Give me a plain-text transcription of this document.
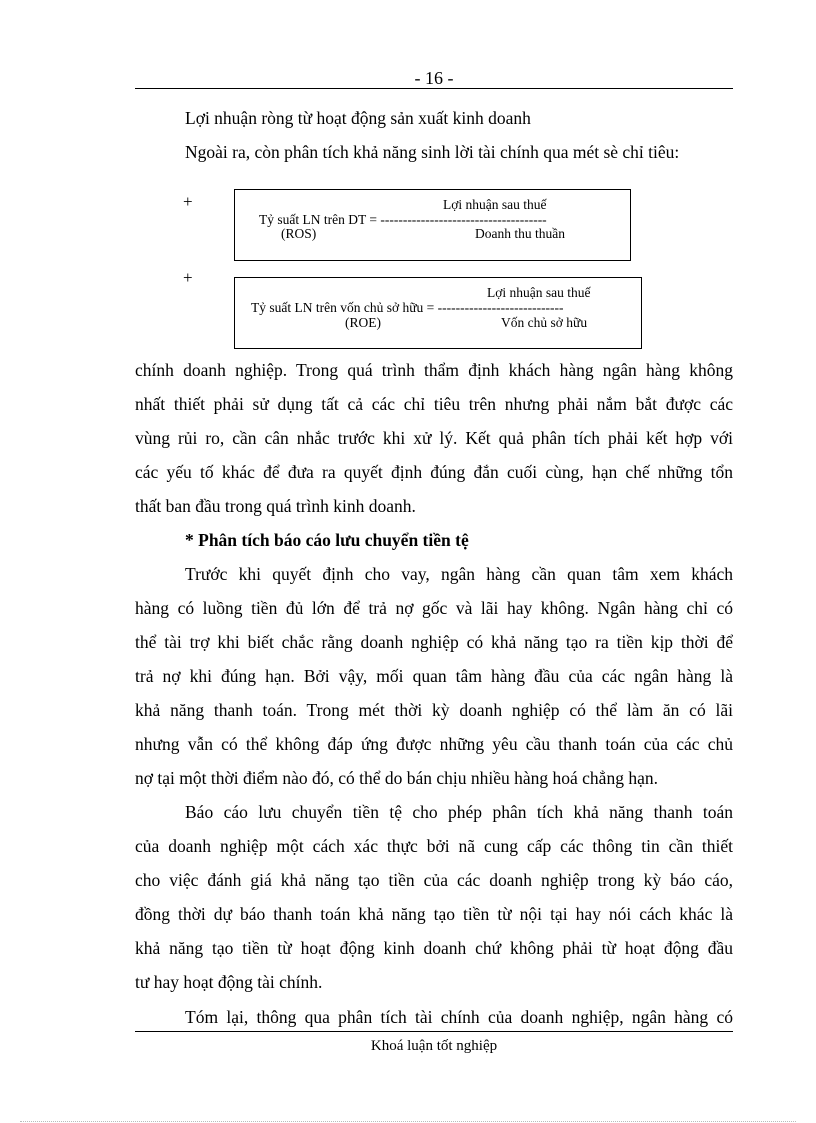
- 16 -
Lợi nhuận ròng từ hoạt động sản xuất kinh doanh
Ngoài ra, còn phân tích khả năng sinh lời tài chính qua mét sè chỉ tiêu:
+	Lợi nhuận sau thuế
Tỷ suất LN trên DT = -------------------------------------
(ROS)	Doanh thu thuần
+
Lợi nhuận sau thuế
Tỷ suất LN trên vốn chủ sở hữu = ----------------------------
(ROE)	Vốn chủ sở hữu
chính doanh nghiệp. Trong quá trình thẩm định khách hàng ngân hàng không
nhất thiết phải sử dụng tất cả các chỉ tiêu trên nhưng phải nắm bắt được các
vùng rủi ro, cần cân nhắc trước khi xử lý. Kết quả phân tích phải kết hợp với
các yếu tố khác để đưa ra quyết định đúng đắn cuối cùng, hạn chế những tổn
thất ban đầu trong quá trình kinh doanh.
* Phân tích báo cáo lưu chuyển tiền tệ
Trước khi quyết định cho vay, ngân hàng cần quan tâm xem khách
hàng có luồng tiền đủ lớn để trả nợ gốc và lãi hay không. Ngân hàng chỉ có
thể tài trợ khi biết chắc rằng doanh nghiệp có khả năng tạo ra tiền kịp thời để
trả nợ khi đúng hạn. Bởi vậy, mối quan tâm hàng đầu của các ngân hàng là
khả năng thanh toán. Trong mét thời kỳ doanh nghiệp có thể làm ăn có lãi
nhưng vẫn có thể không đáp ứng được những yêu cầu thanh toán của các chủ
nợ tại một thời điểm nào đó, có thể do bán chịu nhiều hàng hoá chẳng hạn.
Báo cáo lưu chuyển tiền tệ cho phép phân tích khả năng thanh toán
của doanh nghiệp một cách xác thực bởi nã cung cấp các thông tin cần thiết
cho việc đánh giá khả năng tạo tiền của các doanh nghiệp trong kỳ báo cáo,
đồng thời dự báo thanh toán khả năng tạo tiền từ nội tại hay nói cách khác là
khả năng tạo tiền từ hoạt động kinh doanh chứ không phải từ hoạt động đầu
tư hay hoạt động tài chính.
Khoá luận tốt nghiệp
Tóm lại, thông qua phân tích tài chính của doanh nghiệp, ngân hàng có
